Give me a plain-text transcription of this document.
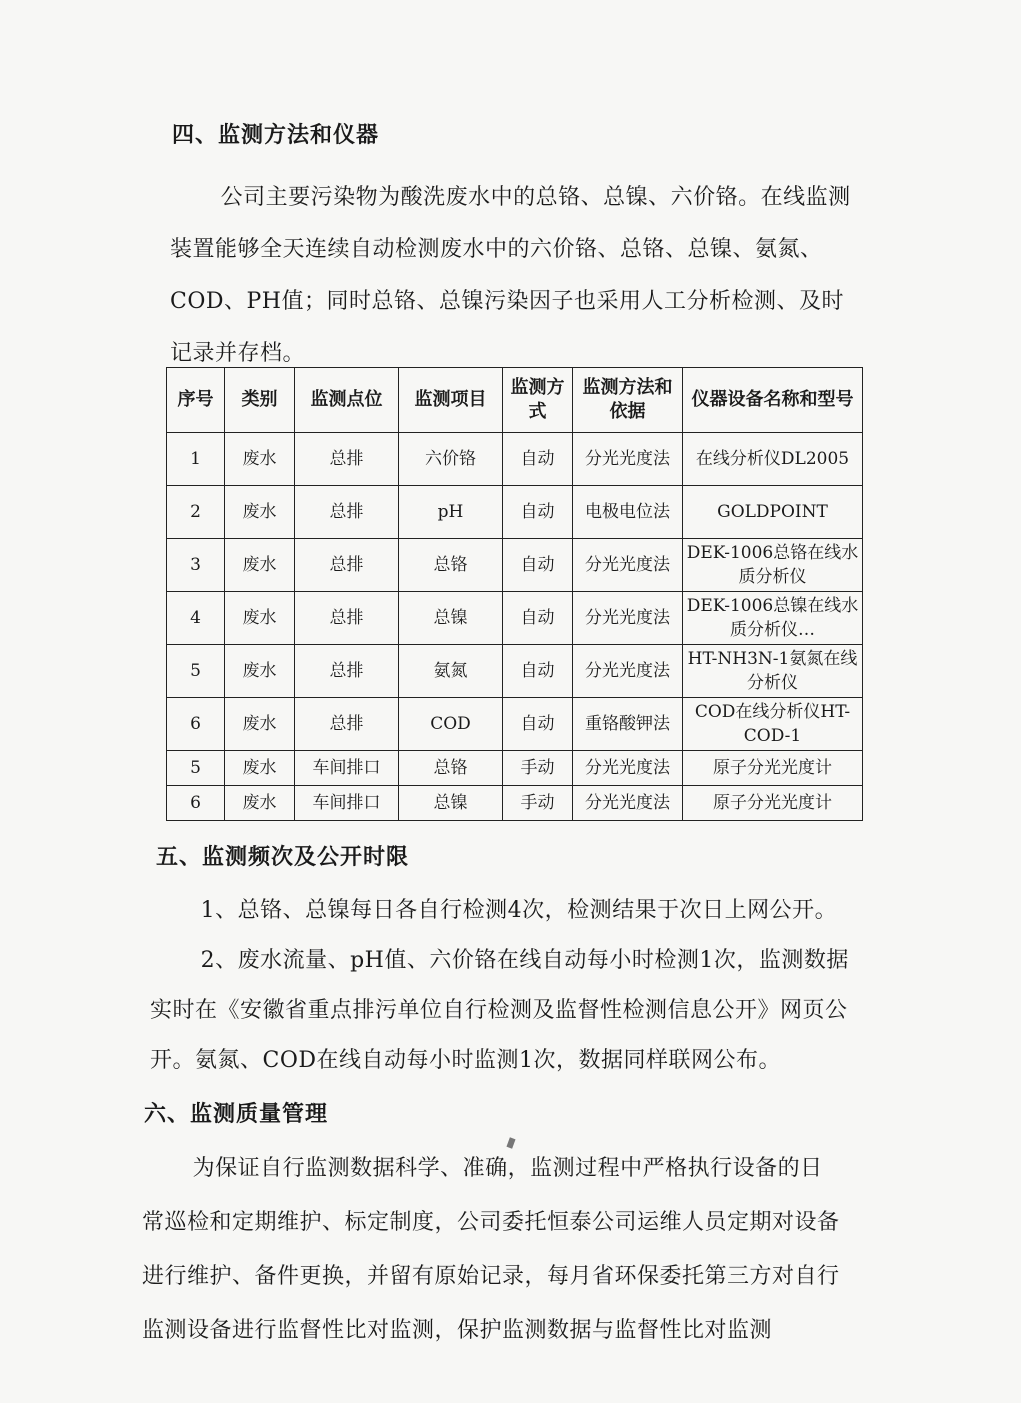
四、监测方法和仪器

公司主要污染物为酸洗废水中的总铬、总镍、六价铬。在线监测装置能够全天连续自动检测废水中的六价铬、总铬、总镍、氨氮、COD、PH值；同时总铬、总镍污染因子也采用人工分析检测、及时记录并存档。

序号	类别	监测点位	监测项目	监测方式	监测方法和依据	仪器设备名称和型号
1	废水	总排	六价铬	自动	分光光度法	在线分析仪DL2005
2	废水	总排	pH	自动	电极电位法	GOLDPOINT
3	废水	总排	总铬	自动	分光光度法	DEK-1006总铬在线水质分析仪
4	废水	总排	总镍	自动	分光光度法	DEK-1006总镍在线水质分析仪…
5	废水	总排	氨氮	自动	分光光度法	HT-NH3N-1氨氮在线分析仪
6	废水	总排	COD	自动	重铬酸钾法	COD在线分析仪HT-COD-1
5	废水	车间排口	总铬	手动	分光光度法	原子分光光度计
6	废水	车间排口	总镍	手动	分光光度法	原子分光光度计
五、监测频次及公开时限

1、总铬、总镍每日各自行检测4次，检测结果于次日上网公开。

2、废水流量、pH值、六价铬在线自动每小时检测1次，监测数据实时在《安徽省重点排污单位自行检测及监督性检测信息公开》网页公开。氨氮、COD在线自动每小时监测1次，数据同样联网公布。

六、监测质量管理

为保证自行监测数据科学、准确，监测过程中严格执行设备的日常巡检和定期维护、标定制度，公司委托恒泰公司运维人员定期对设备进行维护、备件更换，并留有原始记录，每月省环保委托第三方对自行监测设备进行监督性比对监测，保护监测数据与监督性比对监测
